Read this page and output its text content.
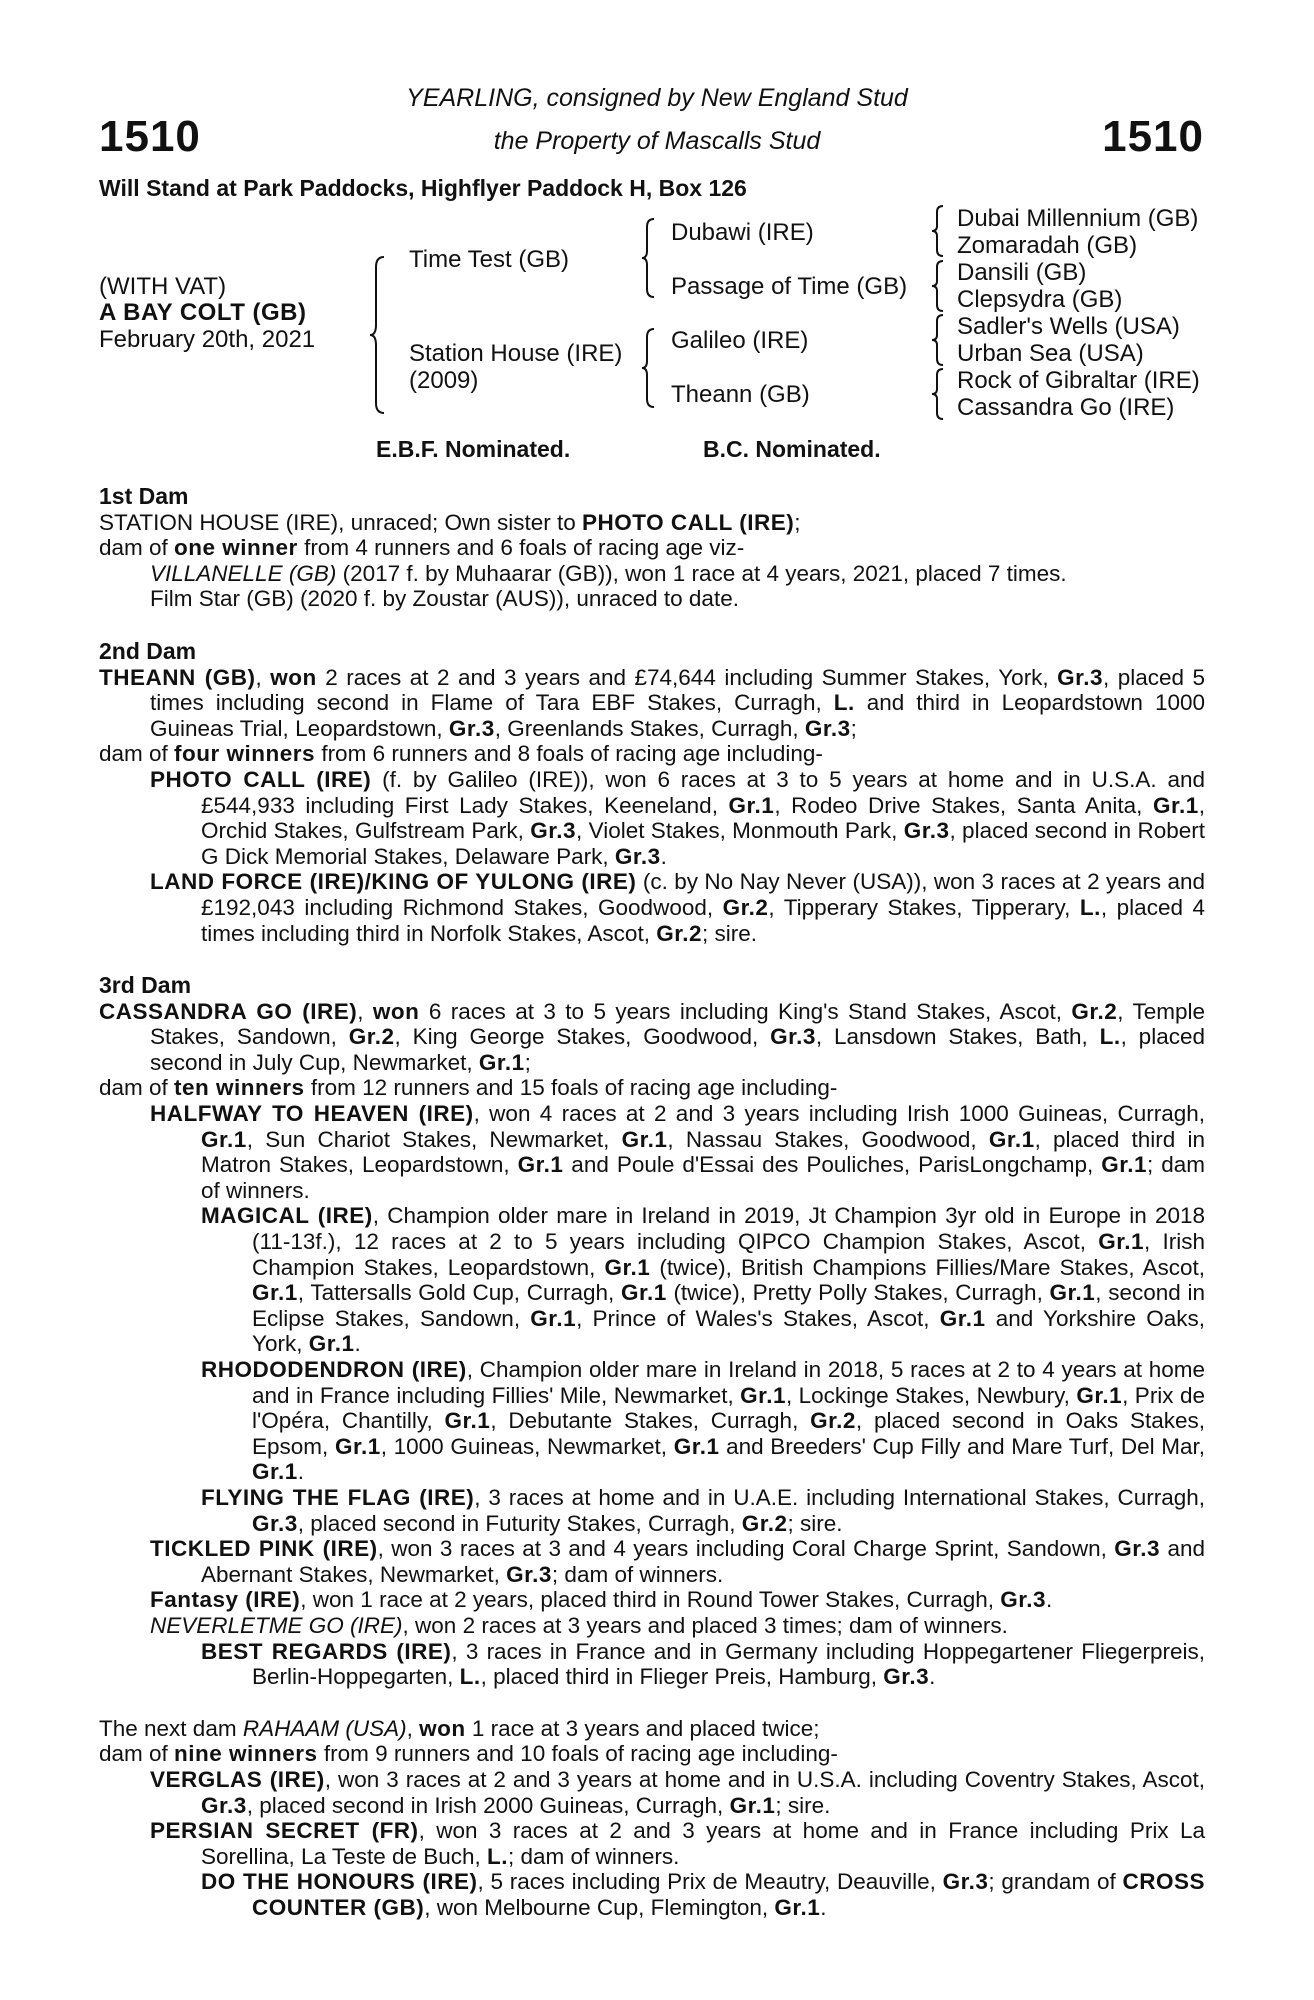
1510	1510
YEARLING, consigned by New England Stud
the Property of Mascalls Stud
Will Stand at Park Paddocks, Highflyer Paddock H, Box 126
(WITH VAT)
A BAY COLT (GB)
February 20th, 2021
Time Test (GB)
Station House (IRE)
(2009)
Dubawi (IRE)
Passage of Time (GB)
Galileo (IRE)
Theann (GB)
Dubai Millennium (GB)
Zomaradah (GB)
Dansili (GB)
Clepsydra (GB)
Sadler's Wells (USA)
Urban Sea (USA)
Rock of Gibraltar (IRE)
Cassandra Go (IRE)
E.B.F. Nominated.	B.C. Nominated.
1st Dam
STATION HOUSE (IRE), unraced; Own sister to PHOTO CALL (IRE);
dam of one winner from 4 runners and 6 foals of racing age viz-
VILLANELLE (GB) (2017 f. by Muhaarar (GB)), won 1 race at 4 years, 2021, placed 7 times.
Film Star (GB) (2020 f. by Zoustar (AUS)), unraced to date.
2nd Dam
THEANN (GB), won 2 races at 2 and 3 years and £74,644 including Summer Stakes, York, Gr.3, placed 5 times including second in Flame of Tara EBF Stakes, Curragh, L. and third in Leopardstown 1000 Guineas Trial, Leopardstown, Gr.3, Greenlands Stakes, Curragh, Gr.3;
dam of four winners from 6 runners and 8 foals of racing age including-
PHOTO CALL (IRE) (f. by Galileo (IRE)), won 6 races at 3 to 5 years at home and in U.S.A. and £544,933 including First Lady Stakes, Keeneland, Gr.1, Rodeo Drive Stakes, Santa Anita, Gr.1, Orchid Stakes, Gulfstream Park, Gr.3, Violet Stakes, Monmouth Park, Gr.3, placed second in Robert G Dick Memorial Stakes, Delaware Park, Gr.3.
LAND FORCE (IRE)/KING OF YULONG (IRE) (c. by No Nay Never (USA)), won 3 races at 2 years and £192,043 including Richmond Stakes, Goodwood, Gr.2, Tipperary Stakes, Tipperary, L., placed 4 times including third in Norfolk Stakes, Ascot, Gr.2; sire.
3rd Dam
CASSANDRA GO (IRE), won 6 races at 3 to 5 years including King's Stand Stakes, Ascot, Gr.2, Temple Stakes, Sandown, Gr.2, King George Stakes, Goodwood, Gr.3, Lansdown Stakes, Bath, L., placed second in July Cup, Newmarket, Gr.1;
dam of ten winners from 12 runners and 15 foals of racing age including-
HALFWAY TO HEAVEN (IRE), won 4 races at 2 and 3 years including Irish 1000 Guineas, Curragh, Gr.1, Sun Chariot Stakes, Newmarket, Gr.1, Nassau Stakes, Goodwood, Gr.1, placed third in Matron Stakes, Leopardstown, Gr.1 and Poule d'Essai des Pouliches, ParisLongchamp, Gr.1; dam of winners.
MAGICAL (IRE), Champion older mare in Ireland in 2019, Jt Champion 3yr old in Europe in 2018 (11-13f.), 12 races at 2 to 5 years including QIPCO Champion Stakes, Ascot, Gr.1, Irish Champion Stakes, Leopardstown, Gr.1 (twice), British Champions Fillies/Mare Stakes, Ascot, Gr.1, Tattersalls Gold Cup, Curragh, Gr.1 (twice), Pretty Polly Stakes, Curragh, Gr.1, second in Eclipse Stakes, Sandown, Gr.1, Prince of Wales's Stakes, Ascot, Gr.1 and Yorkshire Oaks, York, Gr.1.
RHODODENDRON (IRE), Champion older mare in Ireland in 2018, 5 races at 2 to 4 years at home and in France including Fillies' Mile, Newmarket, Gr.1, Lockinge Stakes, Newbury, Gr.1, Prix de l'Opéra, Chantilly, Gr.1, Debutante Stakes, Curragh, Gr.2, placed second in Oaks Stakes, Epsom, Gr.1, 1000 Guineas, Newmarket, Gr.1 and Breeders' Cup Filly and Mare Turf, Del Mar, Gr.1.
FLYING THE FLAG (IRE), 3 races at home and in U.A.E. including International Stakes, Curragh, Gr.3, placed second in Futurity Stakes, Curragh, Gr.2; sire.
TICKLED PINK (IRE), won 3 races at 3 and 4 years including Coral Charge Sprint, Sandown, Gr.3 and Abernant Stakes, Newmarket, Gr.3; dam of winners.
Fantasy (IRE), won 1 race at 2 years, placed third in Round Tower Stakes, Curragh, Gr.3.
NEVERLETME GO (IRE), won 2 races at 3 years and placed 3 times; dam of winners.
BEST REGARDS (IRE), 3 races in France and in Germany including Hoppegartener Fliegerpreis, Berlin-Hoppegarten, L., placed third in Flieger Preis, Hamburg, Gr.3.
The next dam RAHAAM (USA), won 1 race at 3 years and placed twice;
dam of nine winners from 9 runners and 10 foals of racing age including-
VERGLAS (IRE), won 3 races at 2 and 3 years at home and in U.S.A. including Coventry Stakes, Ascot, Gr.3, placed second in Irish 2000 Guineas, Curragh, Gr.1; sire.
PERSIAN SECRET (FR), won 3 races at 2 and 3 years at home and in France including Prix La Sorellina, La Teste de Buch, L.; dam of winners.
DO THE HONOURS (IRE), 5 races including Prix de Meautry, Deauville, Gr.3; grandam of CROSS COUNTER (GB), won Melbourne Cup, Flemington, Gr.1.
